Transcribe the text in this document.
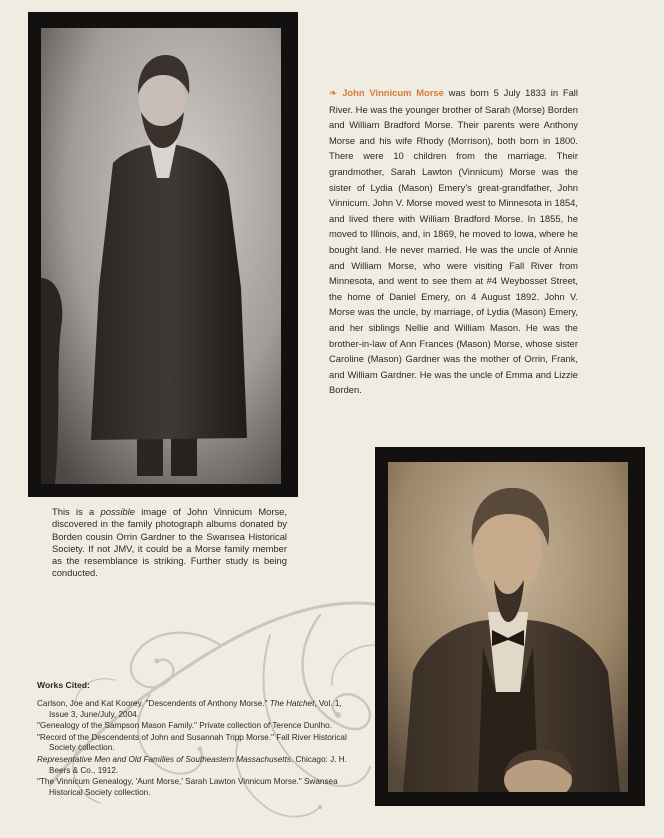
❧ John Vinnicum Morse was born 5 July 1833 in Fall River. He was the younger brother of Sarah (Morse) Borden and William Bradford Morse. Their parents were Anthony Morse and his wife Rhody (Morrison), both born in 1800. There were 10 children from the marriage. Their grandmother, Sarah Lawton (Vinnicum) Morse was the sister of Lydia (Mason) Emery's great-grandfather, John Vinnicum. John V. Morse moved west to Minnesota in 1854, and lived there with William Bradford Morse. In 1855, he moved to Illinois, and, in 1869, he moved to Iowa, where he bought land. He never married. He was the uncle of Annie and William Morse, who were visiting Fall River from Minnesota, and went to see them at #4 Weybosset Street, the home of Daniel Emery, on 4 August 1892. John V. Morse was the uncle, by marriage, of Lydia (Mason) Emery, and her siblings Nellie and William Mason. He was the brother-in-law of Ann Frances (Mason) Morse, whose sister Caroline (Mason) Gardner was the mother of Orrin, Frank, and William Gardner. He was the uncle of Emma and Lizzie Borden.

This is a possible image of John Vinnicum Morse, discovered in the family photograph albums donated by Borden cousin Orrin Gardner to the Swansea Historical Society. If not JMV, it could be a Morse family member as the resemblance is striking. Further study is being conducted.

Works Cited:

Carlson, Joe and Kat Koorey. "Descendents of Anthony Morse." The Hatchet, Vol. 1, Issue 3, June/July, 2004.

"Genealogy of the Sampson Mason Family." Private collection of Terence Dunlho.

"Record of the Descendents of John and Susannah Tripp Morse." Fall River Historical Society collection.

Representative Men and Old Families of Southeastern Massachusetts. Chicago: J. H. Beers & Co., 1912.

"The Vinnicum Genealogy, 'Aunt Morse,' Sarah Lawton Vinnicum Morse." Swansea Historical Society collection.
